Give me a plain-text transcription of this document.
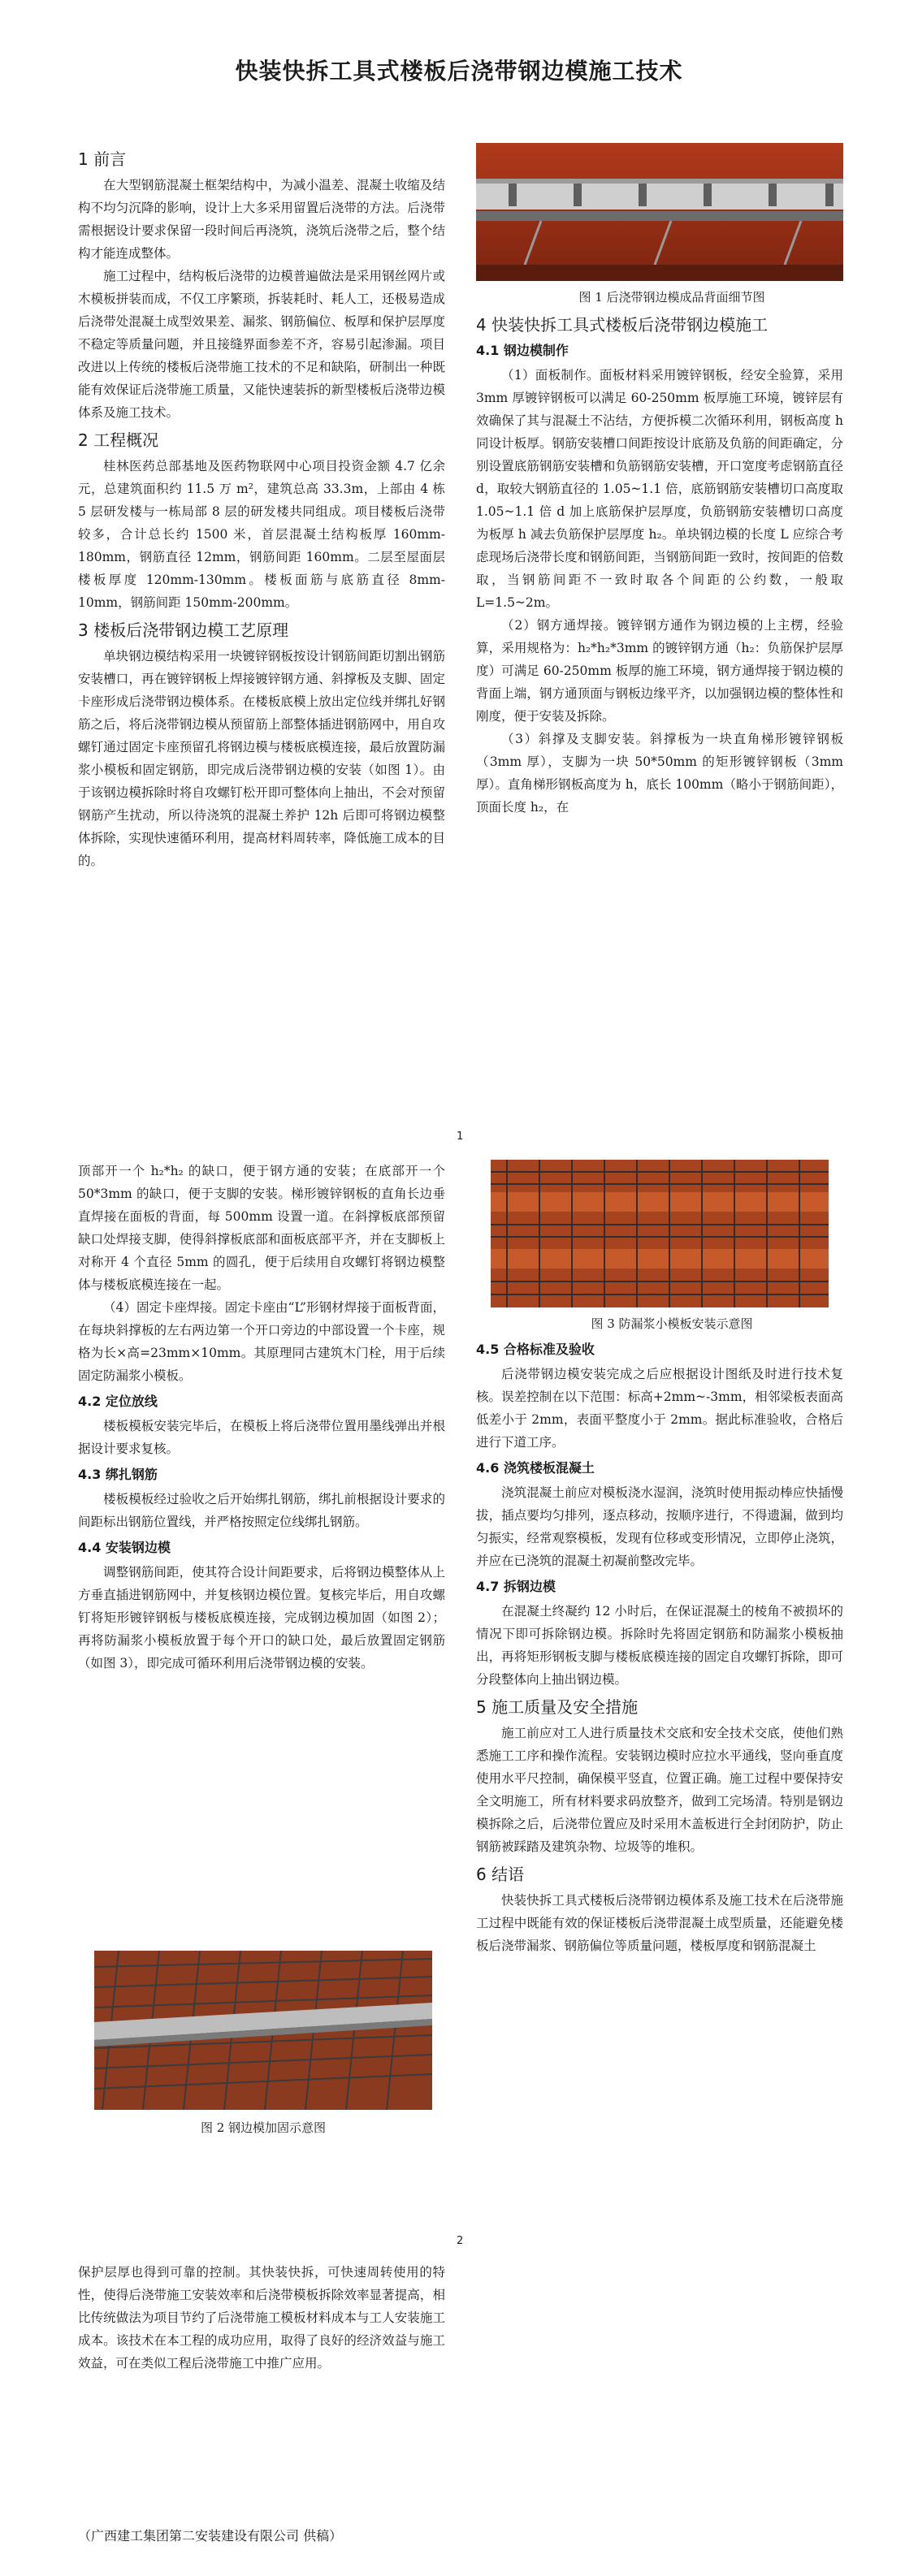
快装快拆工具式楼板后浇带钢边模施工技术
1 前言

在大型钢筋混凝土框架结构中，为减小温差、混凝土收缩及结构不均匀沉降的影响，设计上大多采用留置后浇带的方法。后浇带需根据设计要求保留一段时间后再浇筑，浇筑后浇带之后，整个结构才能连成整体。

施工过程中，结构板后浇带的边模普遍做法是采用钢丝网片或木模板拼装而成，不仅工序繁琐，拆装耗时、耗人工，还极易造成后浇带处混凝土成型效果差、漏浆、钢筋偏位、板厚和保护层厚度不稳定等质量问题，并且接缝界面参差不齐，容易引起渗漏。项目改进以上传统的楼板后浇带施工技术的不足和缺陷，研制出一种既能有效保证后浇带施工质量，又能快速装拆的新型楼板后浇带边模体系及施工技术。

2 工程概况

桂林医药总部基地及医药物联网中心项目投资金额 4.7 亿余元，总建筑面积约 11.5 万 m²，建筑总高 33.3m，上部由 4 栋 5 层研发楼与一栋局部 8 层的研发楼共同组成。项目楼板后浇带较多，合计总长约 1500 米，首层混凝土结构板厚 160mm-180mm，钢筋直径 12mm，钢筋间距 160mm。二层至屋面层楼板厚度 120mm-130mm。楼板面筋与底筋直径 8mm-10mm，钢筋间距 150mm-200mm。

3 楼板后浇带钢边模工艺原理

单块钢边模结构采用一块镀锌钢板按设计钢筋间距切割出钢筋安装槽口，再在镀锌钢板上焊接镀锌钢方通、斜撑板及支脚、固定卡座形成后浇带钢边模体系。在楼板底模上放出定位线并绑扎好钢筋之后，将后浇带钢边模从预留筋上部整体插进钢筋网中，用自攻螺钉通过固定卡座预留孔将钢边模与楼板底模连接，最后放置防漏浆小模板和固定钢筋，即完成后浇带钢边模的安装（如图 1）。由于该钢边模拆除时将自攻螺钉松开即可整体向上抽出，不会对预留钢筋产生扰动，所以待浇筑的混凝土养护 12h 后即可将钢边模整体拆除，实现快速循环利用，提高材料周转率，降低施工成本的目的。

图 1 后浇带钢边模成品背面细节图

4 快装快拆工具式楼板后浇带钢边模施工
4.1 钢边模制作

（1）面板制作。面板材料采用镀锌钢板，经安全验算，采用 3mm 厚镀锌钢板可以满足 60-250mm 板厚施工环境，镀锌层有效确保了其与混凝土不沾结，方便拆模二次循环利用，钢板高度 h 同设计板厚。钢筋安装槽口间距按设计底筋及负筋的间距确定，分别设置底筋钢筋安装槽和负筋钢筋安装槽，开口宽度考虑钢筋直径 d，取较大钢筋直径的 1.05~1.1 倍，底筋钢筋安装槽切口高度取 1.05~1.1 倍 d 加上底筋保护层厚度，负筋钢筋安装槽切口高度为板厚 h 减去负筋保护层厚度 h₂。单块钢边模的长度 L 应综合考虑现场后浇带长度和钢筋间距，当钢筋间距一致时，按间距的倍数取，当钢筋间距不一致时取各个间距的公约数，一般取 L=1.5~2m。

（2）钢方通焊接。镀锌钢方通作为钢边模的上主楞，经验算，采用规格为：h₂*h₂*3mm 的镀锌钢方通（h₂：负筋保护层厚度）可满足 60-250mm 板厚的施工环境，钢方通焊接于钢边模的背面上端，钢方通顶面与钢板边缘平齐，以加强钢边模的整体性和刚度，便于安装及拆除。

（3）斜撑及支脚安装。斜撑板为一块直角梯形镀锌钢板（3mm 厚），支脚为一块 50*50mm 的矩形镀锌钢板（3mm 厚）。直角梯形钢板高度为 h，底长 100mm（略小于钢筋间距），顶面长度 h₂，在

1

顶部开一个 h₂*h₂ 的缺口，便于钢方通的安装；在底部开一个 50*3mm 的缺口，便于支脚的安装。梯形镀锌钢板的直角长边垂直焊接在面板的背面，每 500mm 设置一道。在斜撑板底部预留缺口处焊接支脚，使得斜撑板底部和面板底部平齐，并在支脚板上对称开 4 个直径 5mm 的圆孔，便于后续用自攻螺钉将钢边模整体与楼板底模连接在一起。

（4）固定卡座焊接。固定卡座由“L”形钢材焊接于面板背面，在每块斜撑板的左右两边第一个开口旁边的中部设置一个卡座，规格为长×高=23mm×10mm。其原理同古建筑木门栓，用于后续固定防漏浆小模板。

4.2 定位放线

楼板模板安装完毕后，在模板上将后浇带位置用墨线弹出并根据设计要求复核。

4.3 绑扎钢筋

楼板模板经过验收之后开始绑扎钢筋，绑扎前根据设计要求的间距标出钢筋位置线，并严格按照定位线绑扎钢筋。

4.4 安装钢边模

调整钢筋间距，使其符合设计间距要求，后将钢边模整体从上方垂直插进钢筋网中，并复核钢边模位置。复核完毕后，用自攻螺钉将矩形镀锌钢板与楼板底模连接，完成钢边模加固（如图 2）；再将防漏浆小模板放置于每个开口的缺口处，最后放置固定钢筋（如图 3），即完成可循环利用后浇带钢边模的安装。

图 2 钢边模加固示意图

图 3 防漏浆小模板安装示意图

4.5 合格标准及验收

后浇带钢边模安装完成之后应根据设计图纸及时进行技术复核。误差控制在以下范围：标高+2mm~-3mm，相邻梁板表面高低差小于 2mm，表面平整度小于 2mm。据此标准验收，合格后进行下道工序。

4.6 浇筑楼板混凝土

浇筑混凝土前应对模板浇水湿润，浇筑时使用振动棒应快插慢拔，插点要均匀排列，逐点移动，按顺序进行，不得遗漏，做到均匀振实，经常观察模板，发现有位移或变形情况，立即停止浇筑，并应在已浇筑的混凝土初凝前整改完毕。

4.7 拆钢边模

在混凝土终凝约 12 小时后，在保证混凝土的棱角不被损坏的情况下即可拆除钢边模。拆除时先将固定钢筋和防漏浆小模板抽出，再将矩形钢板支脚与楼板底模连接的固定自攻螺钉拆除，即可分段整体向上抽出钢边模。

5 施工质量及安全措施

施工前应对工人进行质量技术交底和安全技术交底，使他们熟悉施工工序和操作流程。安装钢边模时应拉水平通线，竖向垂直度使用水平尺控制，确保模平竖直，位置正确。施工过程中要保持安全文明施工，所有材料要求码放整齐，做到工完场清。特别是钢边模拆除之后，后浇带位置应及时采用木盖板进行全封闭防护，防止钢筋被踩踏及建筑杂物、垃圾等的堆积。

6 结语

快装快拆工具式楼板后浇带钢边模体系及施工技术在后浇带施工过程中既能有效的保证楼板后浇带混凝土成型质量，还能避免楼板后浇带漏浆、钢筋偏位等质量问题，楼板厚度和钢筋混凝土

2

保护层厚也得到可靠的控制。其快装快拆，可快速周转使用的特性，使得后浇带施工安装效率和后浇带模板拆除效率显著提高，相比传统做法为项目节约了后浇带施工模板材料成本与工人安装施工成本。该技术在本工程的成功应用，取得了良好的经济效益与施工效益，可在类似工程后浇带施工中推广应用。

（广西建工集团第二安装建设有限公司 供稿）
